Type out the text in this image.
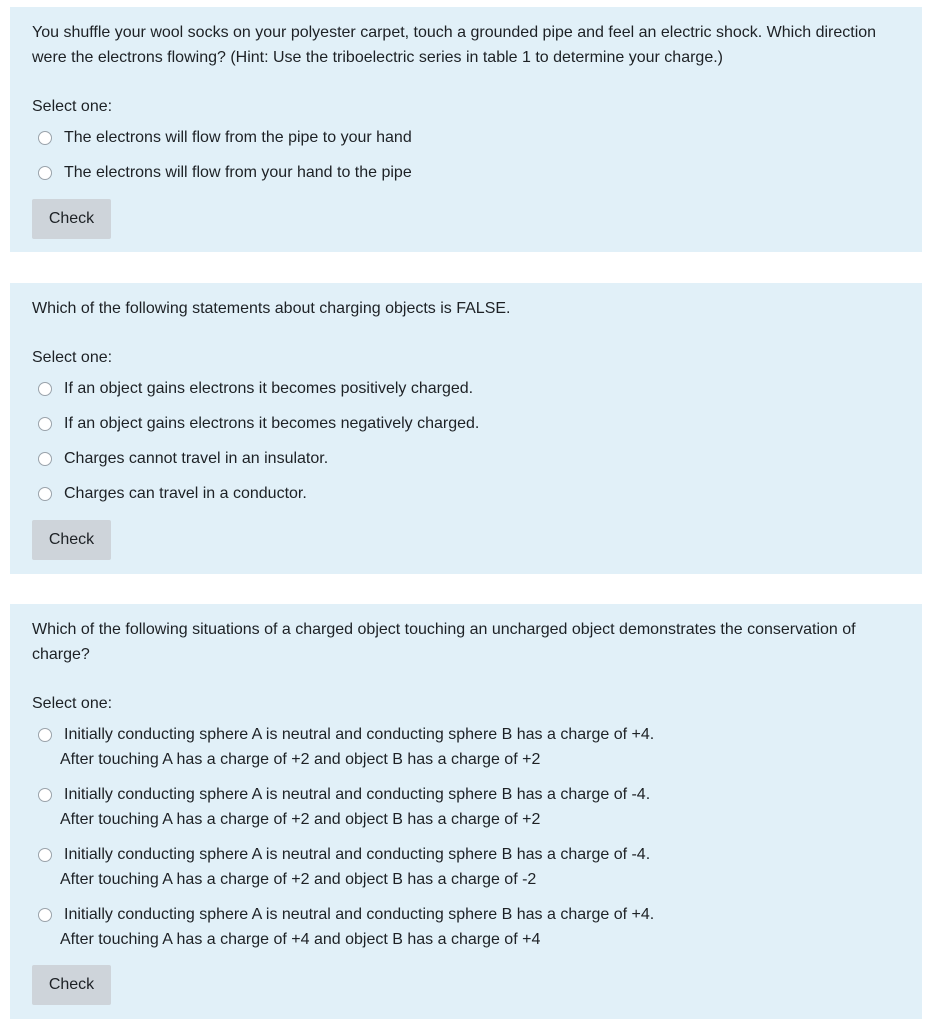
You shuffle your wool socks on your polyester carpet, touch a grounded pipe and feel an electric shock. Which direction were the electrons flowing? (Hint: Use the triboelectric series in table 1 to determine your charge.)

Select one:
The electrons will flow from the pipe to your hand
The electrons will flow from your hand to the pipe
Check

Which of the following statements about charging objects is FALSE.

Select one:
If an object gains electrons it becomes positively charged.
If an object gains electrons it becomes negatively charged.
Charges cannot travel in an insulator.
Charges can travel in a conductor.
Check

Which of the following situations of a charged object touching an uncharged object demonstrates the conservation of charge?

Select one:
Initially conducting sphere A is neutral and conducting sphere B has a charge of +4.
After touching A has a charge of +2 and object B has a charge of +2
Initially conducting sphere A is neutral and conducting sphere B has a charge of -4.
After touching A has a charge of +2 and object B has a charge of +2
Initially conducting sphere A is neutral and conducting sphere B has a charge of -4.
After touching A has a charge of +2 and object B has a charge of -2
Initially conducting sphere A is neutral and conducting sphere B has a charge of +4.
After touching A has a charge of +4 and object B has a charge of +4
Check
